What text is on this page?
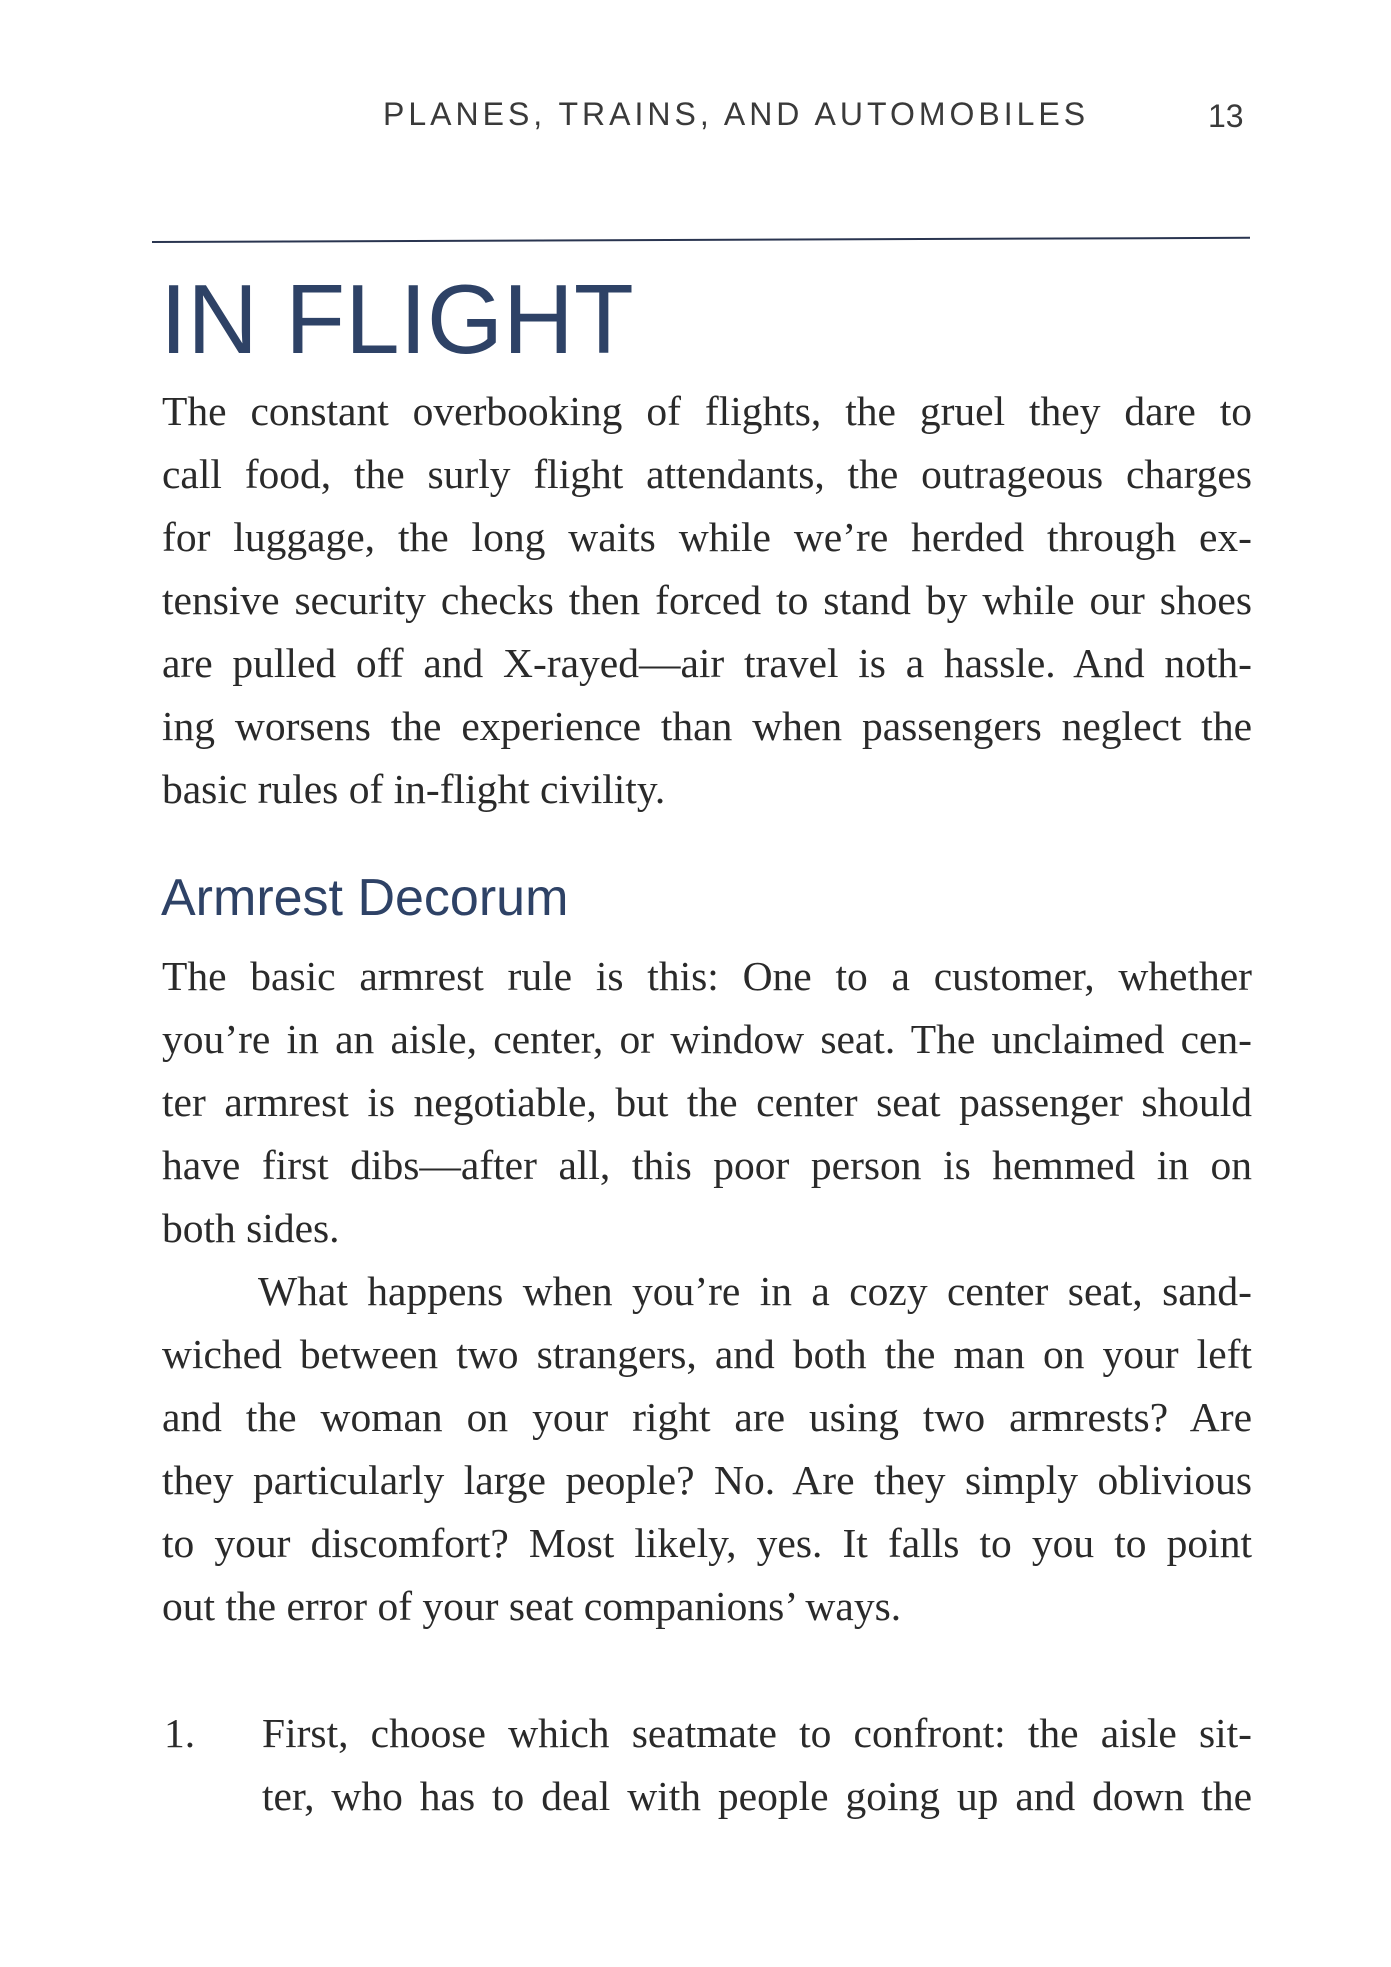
PLANES, TRAINS, AND AUTOMOBILES	13
IN FLIGHT

The constant overbooking of flights, the gruel they dare to
call food, the surly flight attendants, the outrageous charges
for luggage, the long waits while we’re herded through ex-
tensive security checks then forced to stand by while our shoes
are pulled off and X-rayed—air travel is a hassle. And noth-
ing worsens the experience than when passengers neglect the
basic rules of in-flight civility.

Armrest Decorum

The basic armrest rule is this: One to a customer, whether
you’re in an aisle, center, or window seat. The unclaimed cen-
ter armrest is negotiable, but the center seat passenger should
have first dibs—after all, this poor person is hemmed in on
both sides.

What happens when you’re in a cozy center seat, sand-
wiched between two strangers, and both the man on your left
and the woman on your right are using two armrests? Are
they particularly large people? No. Are they simply oblivious
to your discomfort? Most likely, yes. It falls to you to point
out the error of your seat companions’ ways.

1. First, choose which seatmate to confront: the aisle sit-
ter, who has to deal with people going up and down the
